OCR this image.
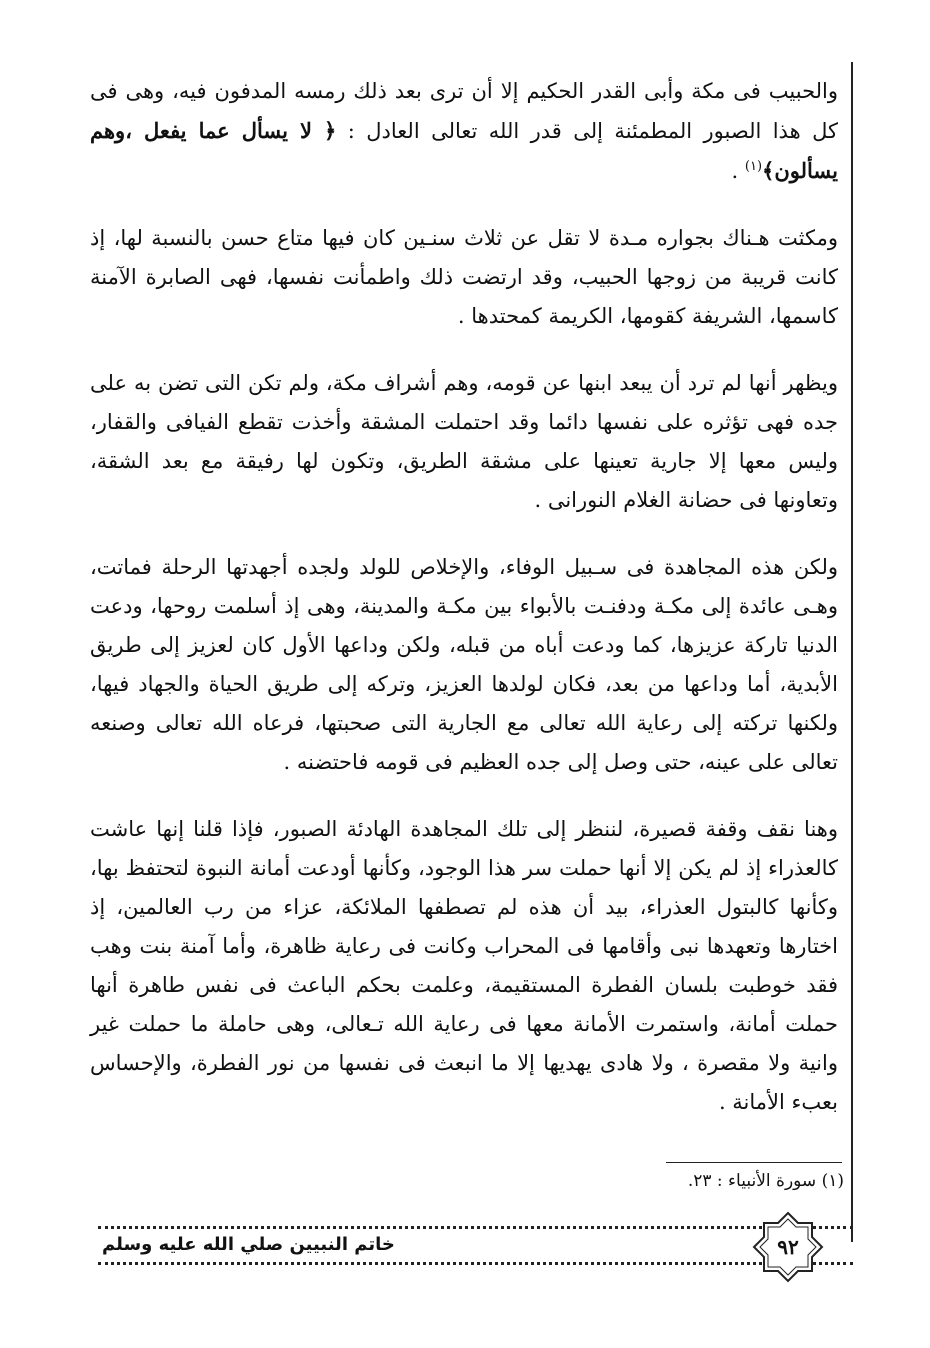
والحبيب فى مكة وأبى القدر الحكيم إلا أن ترى بعد ذلك رمسه المدفون فيه، وهى فى كل هذا الصبور المطمئنة إلى قدر الله تعالى العادل : ﴿ لا يسأل عما يفعل ،وهم يسألون﴾$^{(١)}$ .

ومكثت هـناك بجواره مـدة لا تقل عن ثلاث سنـين كان فيها متاع حسن بالنسبة لها، إذ كانت قريبة من زوجها الحبيب، وقد ارتضت ذلك واطمأنت نفسها، فهى الصابرة الآمنة كاسمها، الشريفة كقومها، الكريمة كمحتدها .

ويظهر أنها لم ترد أن يبعد ابنها عن قومه، وهم أشراف مكة، ولم تكن التى تضن به على جده فهى تؤثره على نفسها دائما وقد احتملت المشقة وأخذت تقطع الفيافى والقفار، وليس معها إلا جارية تعينها على مشقة الطريق، وتكون لها رفيقة مع بعد الشقة، وتعاونها فى حضانة الغلام النورانى .

ولكن هذه المجاهدة فى سـبيل الوفاء، والإخلاص للولد ولجده أجهدتها الرحلة فماتت، وهـى عائدة إلى مكـة ودفنـت بالأبواء بين مكـة والمدينة، وهى إذ أسلمت روحها، ودعت الدنيا تاركة عزيزها، كما ودعت أباه من قبله، ولكن وداعها الأول كان لعزيز إلى طريق الأبدية، أما وداعها من بعد، فكان لولدها العزيز، وتركه إلى طريق الحياة والجهاد فيها، ولكنها تركته إلى رعاية الله تعالى مع الجارية التى صحبتها، فرعاه الله تعالى وصنعه تعالى على عينه، حتى وصل إلى جده العظيم فى قومه فاحتضنه .

وهنا نقف وقفة قصيرة، لننظر إلى تلك المجاهدة الهادئة الصبور، فإذا قلنا إنها عاشت كالعذراء إذ لم يكن إلا أنها حملت سر هذا الوجود، وكأنها أودعت أمانة النبوة لتحتفظ بها، وكأنها كالبتول العذراء، بيد أن هذه لم تصطفها الملائكة، عزاء من رب العالمين، إذ اختارها وتعهدها نبى وأقامها فى المحراب وكانت فى رعاية ظاهرة، وأما آمنة بنت وهب فقد خوطبت بلسان الفطرة المستقيمة، وعلمت بحكم الباعث فى نفس طاهرة أنها حملت أمانة، واستمرت الأمانة معها فى رعاية الله تـعالى، وهى حاملة ما حملت غير وانية ولا مقصرة ، ولا هادى يهديها إلا ما انبعث فى نفسها من نور الفطرة، والإحساس بعبء الأمانة .

(١) سورة الأنبياء : ٢٣.
خاتم النبيين صلي الله عليه وسلم	٩٢
